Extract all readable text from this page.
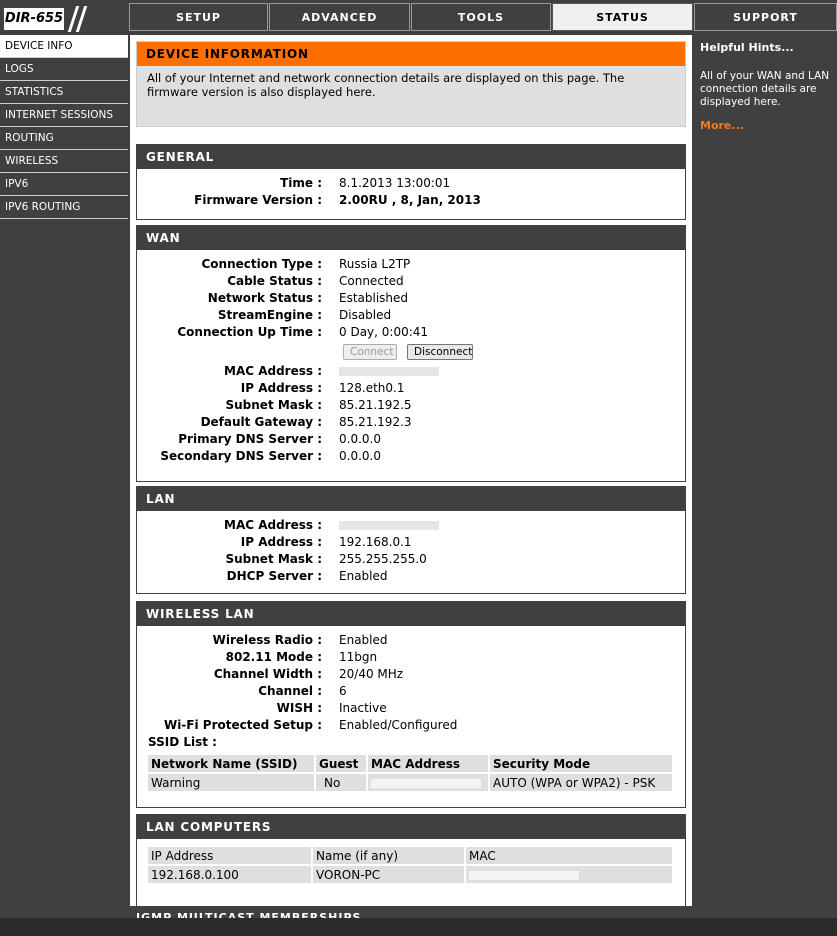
DIR-655	SETUP	ADVANCED	TOOLS	STATUS	SUPPORT
DEVICE INFO
LOGS
STATISTICS
INTERNET SESSIONS
ROUTING
WIRELESS
IPV6
IPV6 ROUTING
DEVICE INFORMATION
All of your Internet and network connection details are displayed on this page. The firmware version is also displayed here.
GENERAL
Time : 8.1.2013 13:00:01
Firmware Version : 2.00RU , 8, Jan, 2013
WAN
Connection Type : Russia L2TP
Cable Status : Connected
Network Status : Established
StreamEngine : Disabled
Connection Up Time : 0 Day, 0:00:41
Connect	Disconnect
MAC Address :
IP Address : 128.eth0.1
Subnet Mask : 85.21.192.5
Default Gateway : 85.21.192.3
Primary DNS Server : 0.0.0.0
Secondary DNS Server : 0.0.0.0
LAN
MAC Address :
IP Address : 192.168.0.1
Subnet Mask : 255.255.255.0
DHCP Server : Enabled
WIRELESS LAN
Wireless Radio : Enabled
802.11 Mode : 11bgn
Channel Width : 20/40 MHz
Channel : 6
WISH : Inactive
Wi-Fi Protected Setup : Enabled/Configured
SSID List :
Network Name (SSID)	Guest	MAC Address	Security Mode
Warning	No		AUTO (WPA or WPA2) - PSK
LAN COMPUTERS
IP Address	Name (if any)	MAC
192.168.0.100	VORON-PC	
Helpful Hints...

All of your WAN and LAN connection details are displayed here.

More...
